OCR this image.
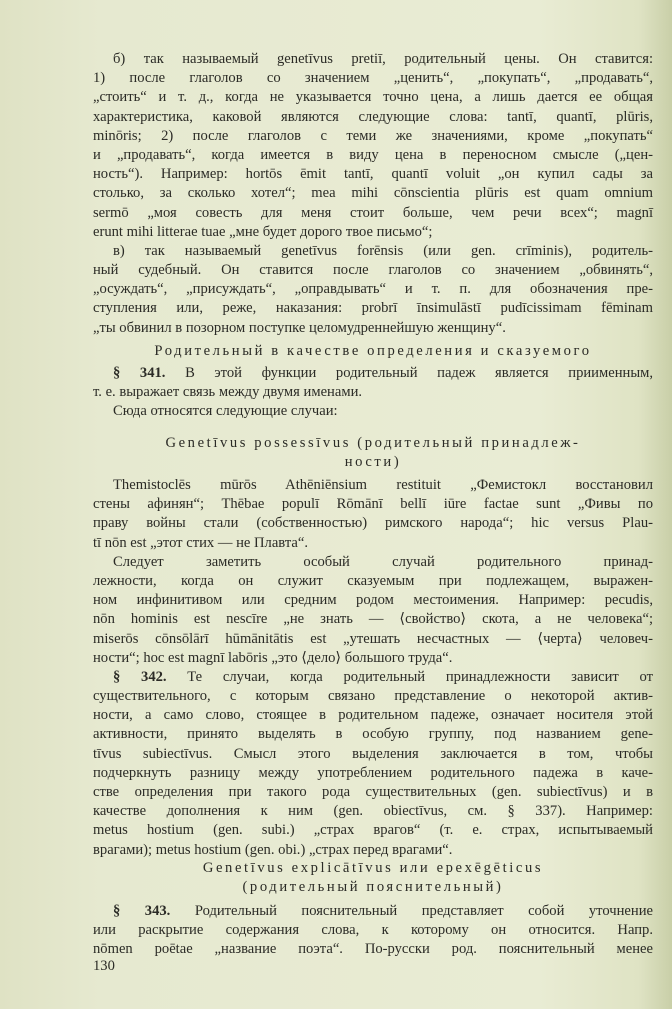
б) так называемый genetīvus pretiī, родительный цены. Он ставится:
1) после глаголов со значением „ценить“, „покупать“, „продавать“,
„стоить“ и т. д., когда не указывается точно цена, а лишь дается ее общая
характеристика, каковой являются следующие слова: tantī, quantī, plūris,
minōris; 2) после глаголов с теми же значениями, кроме „покупать“
и „продавать“, когда имеется в виду цена в переносном смысле („цен-
ность“). Например: hortōs ēmit tantī, quantī voluit „он купил сады за
столько, за сколько хотел“; mea mihi cōnscientia plūris est quam omnium
sermō „моя совесть для меня стоит больше, чем речи всех“; magnī
erunt mihi litterae tuae „мне будет дорого твое письмо“;
в) так называемый genetīvus forēnsis (или gen. crīminis), родитель-
ный судебный. Он ставится после глаголов со значением „обвинять“,
„осуждать“, „присуждать“, „оправдывать“ и т. п. для обозначения пре-
ступления или, реже, наказания: probrī īnsimulāstī pudīcissimam fēminam
„ты обвинил в позорном поступке целомудреннейшую женщину“.
Родительный в качестве определения и сказуемого
§ 341. В этой функции родительный падеж является приименным,
т. е. выражает связь между двумя именами.
Сюда относятся следующие случаи:
Genetīvus possessīvus (родительный принадлеж-
ности)
Themistoclēs mūrōs Athēniēnsium restituit „Фемистокл восстановил
стены афинян“; Thēbae populī Rōmānī bellī iūre factae sunt „Фивы по
праву войны стали (собственностью) римского народа“; hic versus Plau-
tī nōn est „этот стих — не Плавта“.
Следует заметить особый случай родительного принад-
лежности, когда он служит сказуемым при подлежащем, выражен-
ном инфинитивом или средним родом местоимения. Например: pecudis,
nōn hominis est nescīre „не знать — ⟨свойство⟩ скота, а не человека“;
miserōs cōnsōlārī hūmānitātis est „утешать несчастных — ⟨черта⟩ человеч-
ности“; hoc est magnī labōris „это ⟨дело⟩ большого труда“.
§ 342. Те случаи, когда родительный принадлежности зависит от
существительного, с которым связано представление о некоторой актив-
ности, а само слово, стоящее в родительном падеже, означает носителя этой
активности, принято выделять в особую группу, под названием gene-
tīvus subiectīvus. Смысл этого выделения заключается в том, чтобы
подчеркнуть разницу между употреблением родительного падежа в каче-
стве определения при такого рода существительных (gen. subiectīvus) и в
качестве дополнения к ним (gen. obiectīvus, см. § 337). Например:
metus hostium (gen. subi.) „страх врагов“ (т. е. страх, испытываемый
врагами); metus hostium (gen. obi.) „страх перед врагами“.
Genetīvus explicātīvus или epexēgēticus
(родительный пояснительный)
§ 343. Родительный пояснительный представляет собой уточнение
или раскрытие содержания слова, к которому он относится. Напр.
nōmen poētae „название поэта“. По-русски род. пояснительный менее
130
